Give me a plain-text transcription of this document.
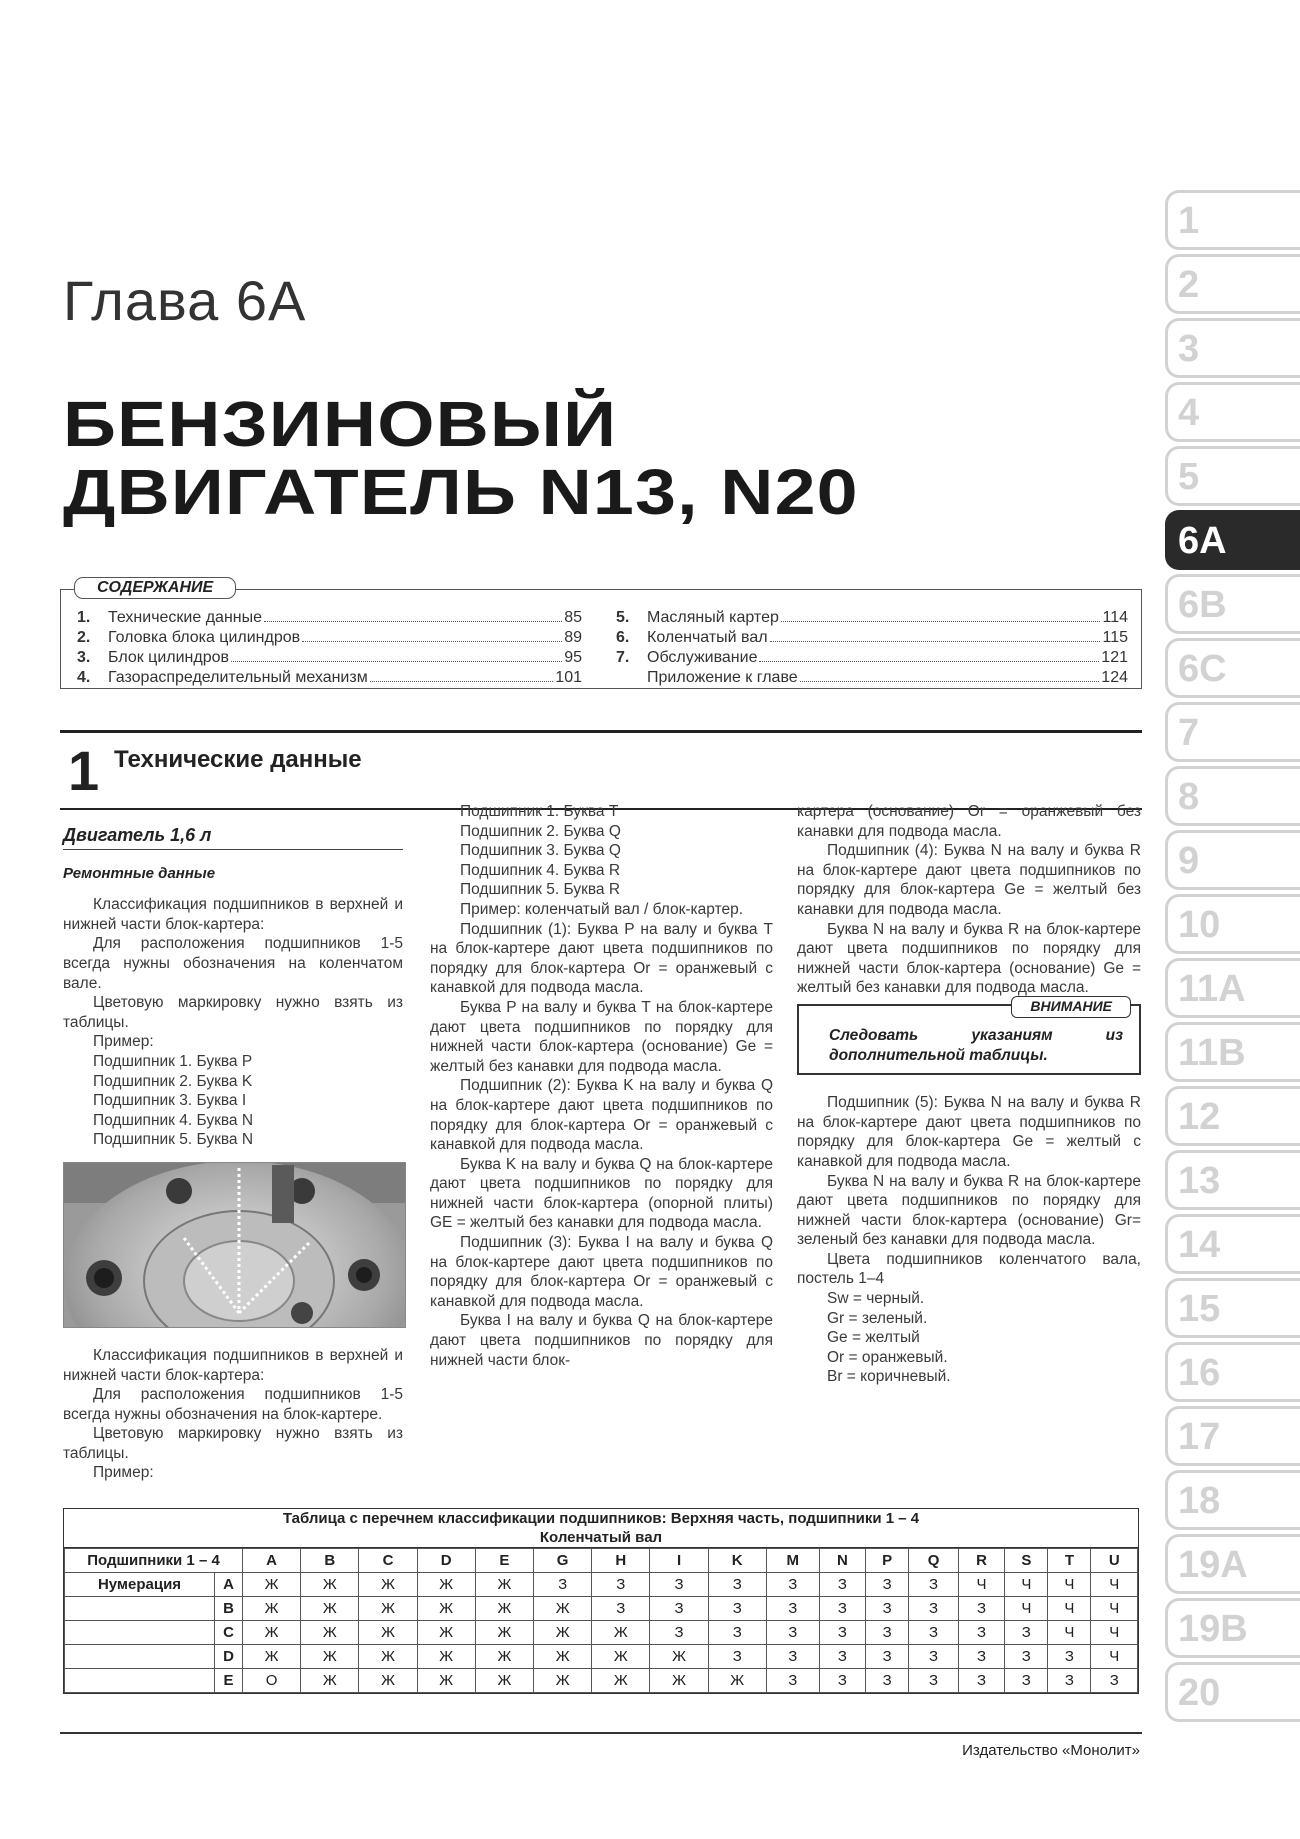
Глава 6А
БЕНЗИНОВЫЙ
ДВИГАТЕЛЬ N13, N20
1
2
3
4
5
6A
6B
6C
7
8
9
10
11A
11B
12
13
14
15
16
17
18
19A
19B
20
СОДЕРЖАНИЕ
1.	Технические данные	85
2.	Головка блока цилиндров	89
3.	Блок цилиндров	95
4.	Газораспределительный механизм	101
5.	Масляный картер	114
6.	Коленчатый вал	115
7.	Обслуживание	121
Приложение к главе	124
1 Технические данные
Двигатель 1,6 л
Ремонтные данные

Классификация подшипников в верхней и нижней части блок-картера:

Для расположения подшипников 1-5 всегда нужны обозначения на коленчатом вале.

Цветовую маркировку нужно взять из таблицы.

Пример:

Подшипник 1. Буква P

Подшипник 2. Буква K

Подшипник 3. Буква I

Подшипник 4. Буква N

Подшипник 5. Буква N

Классификация подшипников в верхней и нижней части блок-картера:

Для расположения подшипников 1-5 всегда нужны обозначения на блок-картере.

Цветовую маркировку нужно взять из таблицы.

Пример:

Подшипник 1. Буква T

Подшипник 2. Буква Q

Подшипник 3. Буква Q

Подшипник 4. Буква R

Подшипник 5. Буква R

Пример: коленчатый вал / блок-картер.

Подшипник (1): Буква P на валу и буква T на блок-картере дают цвета подшипников по порядку для блок-картера Or = оранжевый с канавкой для подвода масла.

Буква P на валу и буква T на блок-картере дают цвета подшипников по порядку для нижней части блок-картера (основание) Ge = желтый без канавки для подвода масла.

Подшипник (2): Буква K на валу и буква Q на блок-картере дают цвета подшипников по порядку для блок-картера Or = оранжевый с канавкой для подвода масла.

Буква K на валу и буква Q на блок-картере дают цвета подшипников по порядку для нижней части блок-картера (опорной плиты) GE = желтый без канавки для подвода масла.

Подшипник (3): Буква I на валу и буква Q на блок-картере дают цвета подшипников по порядку для блок-картера Or = оранжевый с канавкой для подвода масла.

Буква I на валу и буква Q на блок-картере дают цвета подшипников по порядку для нижней части блок-

картера (основание) Or = оранжевый без канавки для подвода масла.

Подшипник (4): Буква N на валу и буква R на блок-картере дают цвета подшипников по порядку для блок-картера Ge = желтый без канавки для подвода масла.

Буква N на валу и буква R на блок-картере дают цвета подшипников по порядку для нижней части блок-картера (основание) Ge = желтый без канавки для подвода масла.

ВНИМАНИЕ
Следовать указаниям из дополнительной таблицы.

Подшипник (5): Буква N на валу и буква R на блок-картере дают цвета подшипников по порядку для блок-картера Ge = желтый с канавкой для подвода масла.

Буква N на валу и буква R на блок-картере дают цвета подшипников по порядку для нижней части блок-картера (основание) Gr= зеленый без канавки для подвода масла.

Цвета подшипников коленчатого вала, постель 1–4

Sw = черный.

Gr = зеленый.

Ge = желтый

Or = оранжевый.

Br = коричневый.

Таблица с перечнем классификации подшипников: Верхняя часть, подшипники 1 – 4
Коленчатый вал
Подшипники 1 – 4		A	B	C	D	E	G	H	I	K	M	N	P	Q	R	S	T	U
Нумерация	A	Ж	Ж	Ж	Ж	Ж	З	З	З	З	З	З	З	З	Ч	Ч	Ч	Ч
	B	Ж	Ж	Ж	Ж	Ж	Ж	З	З	З	З	З	З	З	З	Ч	Ч	Ч
	C	Ж	Ж	Ж	Ж	Ж	Ж	Ж	З	З	З	З	З	З	З	З	Ч	Ч
	D	Ж	Ж	Ж	Ж	Ж	Ж	Ж	Ж	З	З	З	З	З	З	З	З	Ч
	E	О	Ж	Ж	Ж	Ж	Ж	Ж	Ж	Ж	З	З	З	З	З	З	З	З
Издательство «Монолит»
